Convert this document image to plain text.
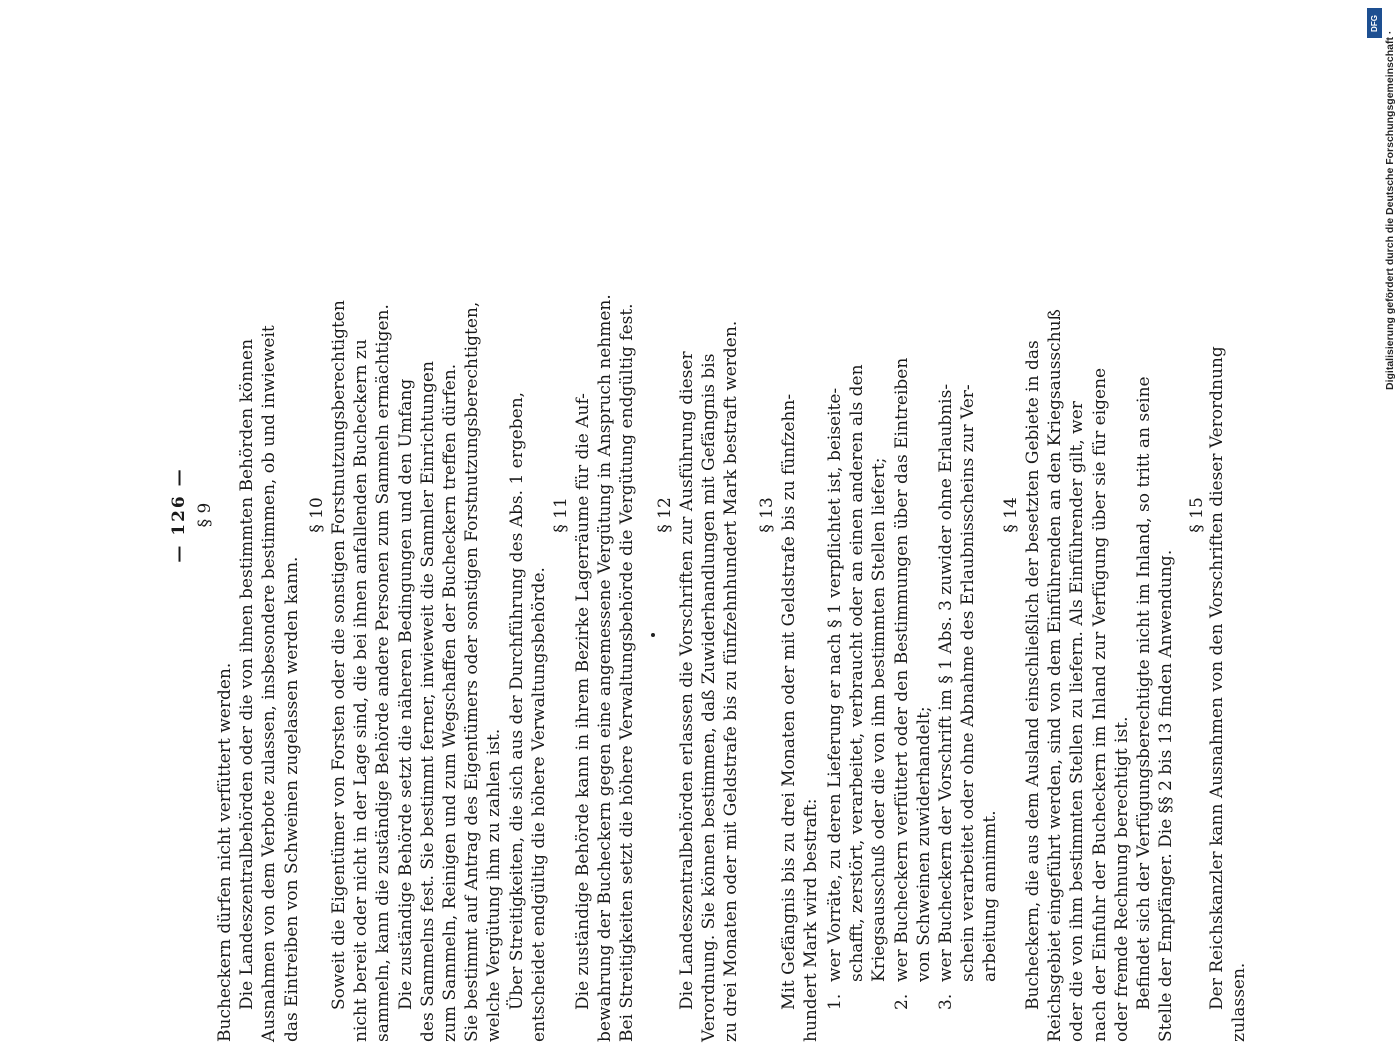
— 126 — § 9
Bucheckern dürfen nicht verfüttert werden. Die Landeszentralbehörden oder die von ihnen bestimmten Behörden können Ausnahmen von dem Verbote zulassen, insbesondere bestimmen, ob und inwieweit das Eintreiben von Schweinen zugelassen werden kann.
§ 10 Soweit die Eigentümer von Forsten oder die sonstigen Forstnutzungsberechtigten nicht bereit oder nicht in der Lage sind, die bei ihnen anfallenden Bucheckern zu sammeln, kann die zuständige Behörde andere Personen zum Sammeln ermächtigen. Die zuständige Behörde setzt die näheren Bedingungen und den Umfang des Sammelns fest. Sie bestimmt ferner, inwieweit die Sammler Einrichtungen zum Sammeln, Reinigen und zum Wegschaffen der Bucheckern treffen dürfen. Sie bestimmt auf Antrag des Eigentümers oder sonstigen Forstnutzungsberechtigten, welche Vergütung ihm zu zahlen ist. Über Streitigkeiten, die sich aus der Durchführung des Abs. 1 ergeben, entscheidet endgültig die höhere Verwaltungsbehörde.
§ 11 Die zuständige Behörde kann in ihrem Bezirke Lagerräume für die Auf- bewahrung der Bucheckern gegen eine angemessene Vergütung in Anspruch nehmen. Bei Streitigkeiten setzt die höhere Verwaltungsbehörde die Vergütung endgültig fest. § 12 Die Landeszentralbehörden erlassen die Vorschriften zur Ausführung dieser Verordnung. Sie können bestimmen, daß Zuwiderhandlungen mit Gefängnis bis zu drei Monaten oder mit Geldstrafe bis zu fünfzehnhundert Mark bestraft werden. § 13 Mit Gefängnis bis zu drei Monaten oder mit Geldstrafe bis zu fünfzehn- hundert Mark wird bestraft: 1.
wer Vorräte, zu deren Lieferung er nach § 1 verpflichtet ist, beiseite- schafft, zerstört, verarbeitet, verbraucht oder an einen anderen als den Kriegsausschuß oder die von ihm bestimmten Stellen liefert;
2.
wer Bucheckern verfüttert oder den Bestimmungen über das Eintreiben von Schweinen zuwiderhandelt;
3.
wer Bucheckern der Vorschrift im § 1 Abs. 3 zuwider ohne Erlaubnis- schein verarbeitet oder ohne Abnahme des Erlaubnisscheins zur Ver- arbeitung annimmt.
§ 14 Bucheckern, die aus dem Ausland einschließlich der besetzten Gebiete in das Reichsgebiet eingeführt werden, sind von dem Einführenden an den Kriegsausschuß oder die von ihm bestimmten Stellen zu liefern. Als Einführender gilt, wer nach der Einfuhr der Bucheckern im Inland zur Verfügung über sie für eigene oder fremde Rechnung berechtigt ist. Befindet sich der Verfügungsberechtigte nicht im Inland, so tritt an seine Stelle der Empfänger. Die §§ 2 bis 13 finden Anwendung.
§ 15 Der Reichskanzler kann Ausnahmen von den Vorschriften dieser Verordnung zulassen.
DFG
Digitalisierung gefördert durch die Deutsche Forschungsgemeinschaft ·
